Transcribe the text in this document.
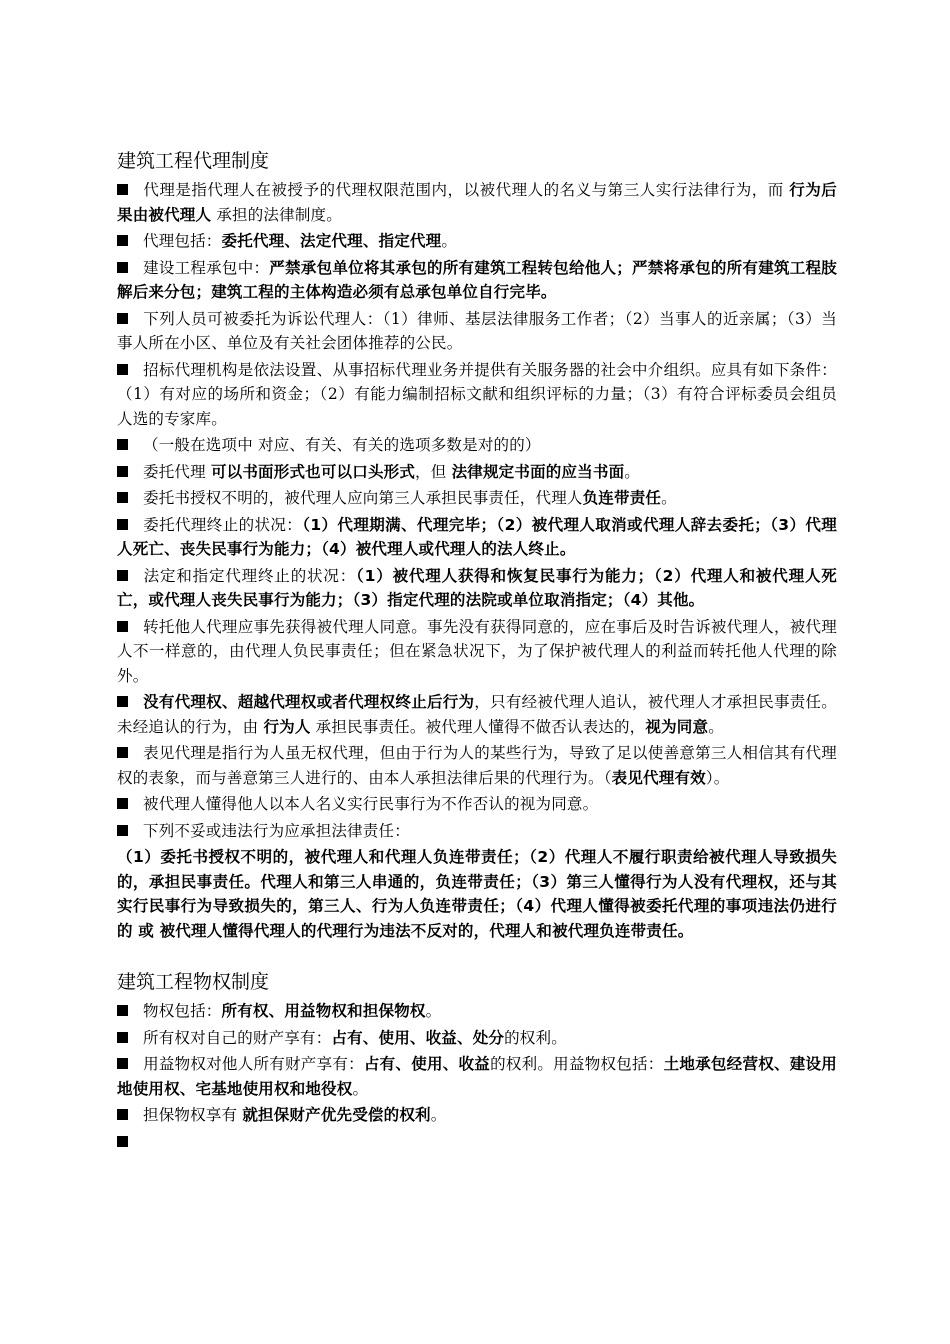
建筑工程代理制度
代理是指代理人在被授予的代理权限范围内，以被代理人的名义与第三人实行法律行为，而 行为后果由被代理人 承担的法律制度。
代理包括：委托代理、法定代理、指定代理。
建设工程承包中：严禁承包单位将其承包的所有建筑工程转包给他人；严禁将承包的所有建筑工程肢解后来分包；建筑工程的主体构造必须有总承包单位自行完毕。
下列人员可被委托为诉讼代理人：（1）律师、基层法律服务工作者；（2）当事人的近亲属；（3）当事人所在小区、单位及有关社会团体推荐的公民。
招标代理机构是依法设置、从事招标代理业务并提供有关服务器的社会中介组织。应具有如下条件：（1）有对应的场所和资金；（2）有能力编制招标文献和组织评标的力量；（3）有符合评标委员会组员人选的专家库。
（一般在选项中 对应、有关、有关的选项多数是对的的）
委托代理 可以书面形式也可以口头形式，但 法律规定书面的应当书面。
委托书授权不明的，被代理人应向第三人承担民事责任，代理人负连带责任。
委托代理终止的状况：（1）代理期满、代理完毕；（2）被代理人取消或代理人辞去委托；（3）代理人死亡、丧失民事行为能力；（4）被代理人或代理人的法人终止。
法定和指定代理终止的状况：（1）被代理人获得和恢复民事行为能力；（2）代理人和被代理人死亡，或代理人丧失民事行为能力；（3）指定代理的法院或单位取消指定；（4）其他。
转托他人代理应事先获得被代理人同意。事先没有获得同意的，应在事后及时告诉被代理人，被代理人不一样意的，由代理人负民事责任；但在紧急状况下，为了保护被代理人的利益而转托他人代理的除外。
没有代理权、超越代理权或者代理权终止后行为，只有经被代理人追认，被代理人才承担民事责任。未经追认的行为，由 行为人 承担民事责任。被代理人懂得不做否认表达的，视为同意。
表见代理是指行为人虽无权代理，但由于行为人的某些行为，导致了足以使善意第三人相信其有代理权的表象，而与善意第三人进行的、由本人承担法律后果的代理行为。（表见代理有效）。
被代理人懂得他人以本人名义实行民事行为不作否认的视为同意。
下列不妥或违法行为应承担法律责任：
（1）委托书授权不明的，被代理人和代理人负连带责任；（2）代理人不履行职责给被代理人导致损失的，承担民事责任。代理人和第三人串通的，负连带责任；（3）第三人懂得行为人没有代理权，还与其实行民事行为导致损失的，第三人、行为人负连带责任；（4）代理人懂得被委托代理的事项违法仍进行的 或 被代理人懂得代理人的代理行为违法不反对的，代理人和被代理负连带责任。
建筑工程物权制度
物权包括：所有权、用益物权和担保物权。
所有权对自己的财产享有：占有、使用、收益、处分的权利。
用益物权对他人所有财产享有：占有、使用、收益的权利。用益物权包括：土地承包经营权、建设用地使用权、宅基地使用权和地役权。
担保物权享有 就担保财产优先受偿的权利。
